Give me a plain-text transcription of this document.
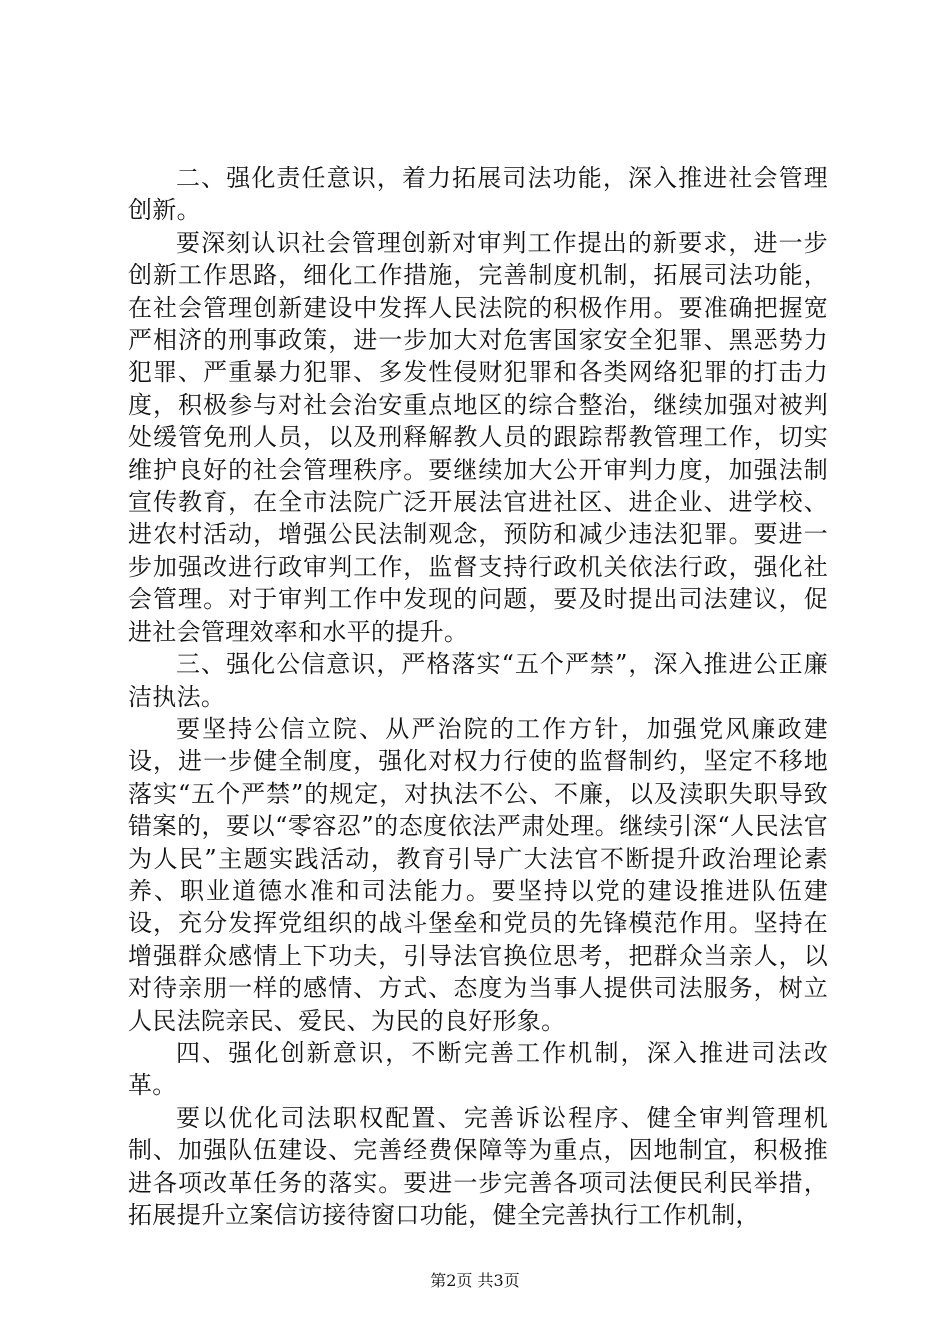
二、强化责任意识，着力拓展司法功能，深入推进社会管理创新。

要深刻认识社会管理创新对审判工作提出的新要求，进一步创新工作思路，细化工作措施，完善制度机制，拓展司法功能，在社会管理创新建设中发挥人民法院的积极作用。要准确把握宽严相济的刑事政策，进一步加大对危害国家安全犯罪、黑恶势力犯罪、严重暴力犯罪、多发性侵财犯罪和各类网络犯罪的打击力度，积极参与对社会治安重点地区的综合整治，继续加强对被判处缓管免刑人员，以及刑释解教人员的跟踪帮教管理工作，切实维护良好的社会管理秩序。要继续加大公开审判力度，加强法制宣传教育，在全市法院广泛开展法官进社区、进企业、进学校、进农村活动，增强公民法制观念，预防和减少违法犯罪。要进一步加强改进行政审判工作，监督支持行政机关依法行政，强化社会管理。对于审判工作中发现的问题，要及时提出司法建议，促进社会管理效率和水平的提升。

三、强化公信意识，严格落实“五个严禁”，深入推进公正廉洁执法。

要坚持公信立院、从严治院的工作方针，加强党风廉政建设，进一步健全制度，强化对权力行使的监督制约，坚定不移地落实“五个严禁”的规定，对执法不公、不廉，以及渎职失职导致错案的，要以“零容忍”的态度依法严肃处理。继续引深“人民法官为人民”主题实践活动，教育引导广大法官不断提升政治理论素养、职业道德水准和司法能力。要坚持以党的建设推进队伍建设，充分发挥党组织的战斗堡垒和党员的先锋模范作用。坚持在增强群众感情上下功夫，引导法官换位思考，把群众当亲人，以对待亲朋一样的感情、方式、态度为当事人提供司法服务，树立人民法院亲民、爱民、为民的良好形象。

四、强化创新意识，不断完善工作机制，深入推进司法改革。

要以优化司法职权配置、完善诉讼程序、健全审判管理机制、加强队伍建设、完善经费保障等为重点，因地制宜，积极推进各项改革任务的落实。要进一步完善各项司法便民利民举措，拓展提升立案信访接待窗口功能，健全完善执行工作机制，

第2页 共3页
